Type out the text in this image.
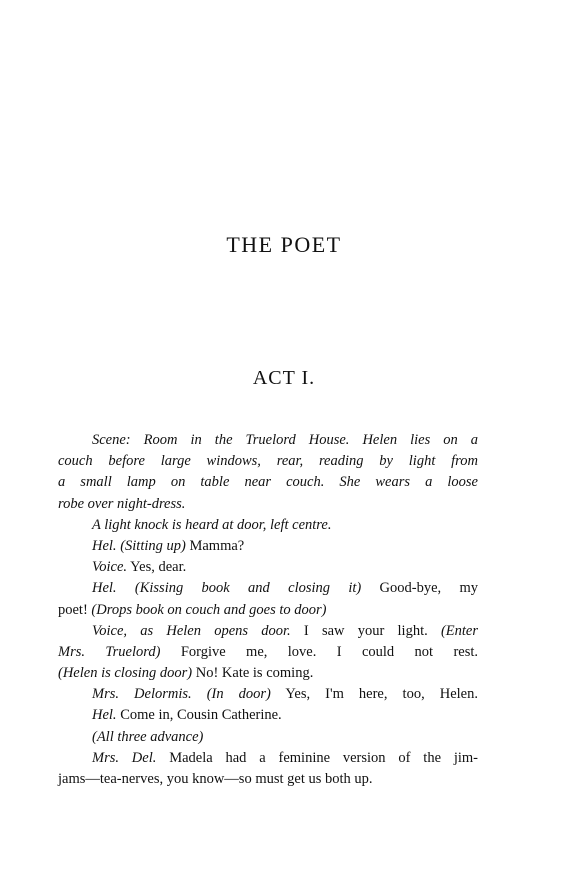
THE POET
ACT I.
Scene: Room in the Truelord House. Helen lies on a
couch before large windows, rear, reading by light from
a small lamp on table near couch. She wears a loose
robe over night-dress.
A light knock is heard at door, left centre.
Hel. (Sitting up) Mamma?
Voice. Yes, dear.
Hel. (Kissing book and closing it) Good-bye, my
poet! (Drops book on couch and goes to door)
Voice, as Helen opens door. I saw your light. (Enter
Mrs. Truelord) Forgive me, love. I could not rest.
(Helen is closing door) No! Kate is coming.
Mrs. Delormis. (In door) Yes, I'm here, too, Helen.
Hel. Come in, Cousin Catherine.
(All three advance)
Mrs. Del. Madela had a feminine version of the jim-
jams—tea-nerves, you know—so must get us both up.
